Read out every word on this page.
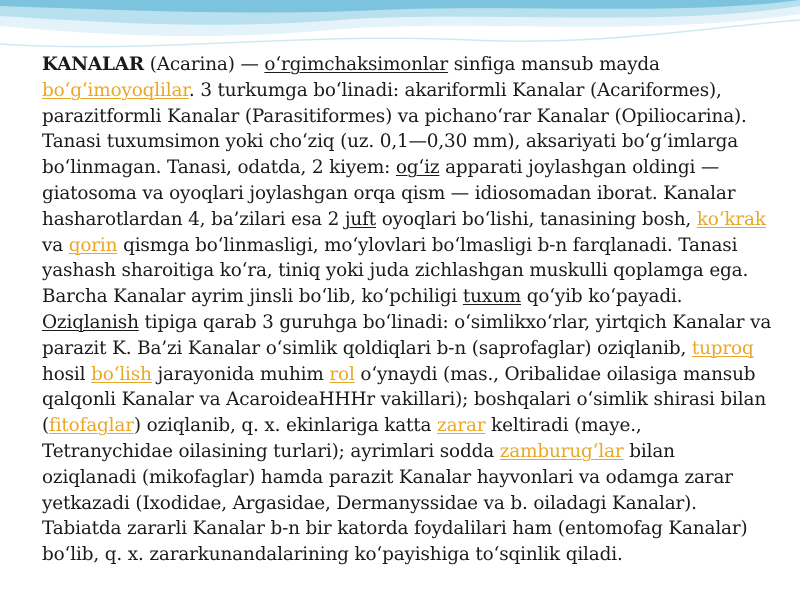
KANALAR (Acarina) — o‘rgimchaksimonlar sinfiga mansub mayda bo‘g‘imoyoqlilar. 3 turkumga bo‘linadi: akariformli Kanalar (Acariformes), parazitformli Kanalar (Parasitiformes) va pichano‘rar Kanalar (Opiliocarina). Tanasi tuxumsimon yoki cho‘ziq (uz. 0,1—0,30 mm), aksariyati bo‘g‘imlarga bo‘linmagan. Tanasi, odatda, 2 kiyem: og‘iz apparati joylashgan oldingi — giatosoma va oyoqlari joylashgan orqa qism — idiosomadan iborat. Kanalar hasharotlardan 4, ba’zilari esa 2 juft oyoqlari bo‘lishi, tanasining bosh, ko‘krak va qorin qismga bo‘linmasligi, mo‘ylovlari bo‘lmasligi b-n farqlanadi. Tanasi yashash sharoitiga ko‘ra, tiniq yoki juda zichlashgan muskulli qoplamga ega. Barcha Kanalar ayrim jinsli bo‘lib, ko‘pchiligi tuxum qo‘yib ko‘payadi. Oziqlanish tipiga qarab 3 guruhga bo‘linadi: o‘simlikxo‘rlar, yirtqich Kanalar va parazit K. Ba’zi Kanalar o‘simlik qoldiqlari b-n (saprofaglar) oziqlanib, tuproq hosil bo‘lish jarayonida muhim rol o‘ynaydi (mas., Oribalidae oilasiga mansub qalqonli Kanalar va AcaroideaHHHr vakillari); boshqalari o‘simlik shirasi bilan (fitofaglar) oziqlanib, q. x. ekinlariga katta zarar keltiradi (maye., Tetranychidae oilasining turlari); ayrimlari sodda zamburug‘lar bilan oziqlanadi (mikofaglar) hamda parazit Kanalar hayvonlari va odamga zarar yetkazadi (Ixodidae, Argasidae, Dermanyssidae va b. oiladagi Kanalar). Tabiatda zararli Kanalar b-n bir katorda foydalilari ham (entomofag Kanalar) bo‘lib, q. x. zararkunandalarining ko‘payishiga to‘sqinlik qiladi.
